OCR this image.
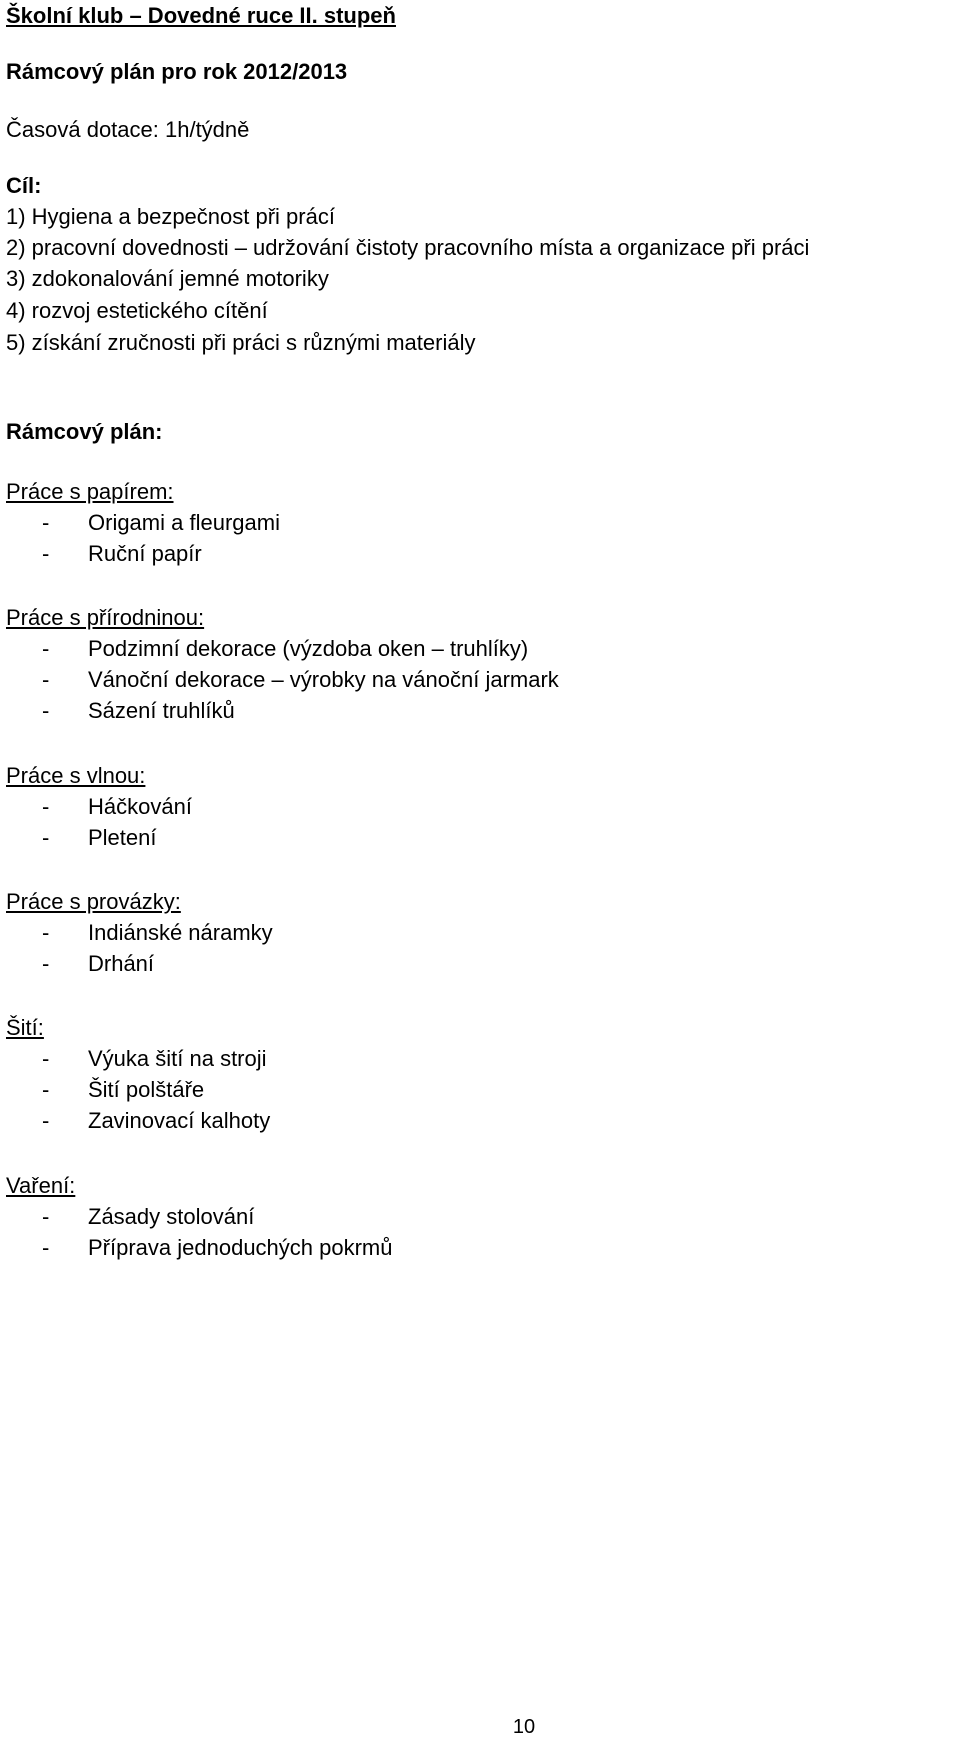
Školní klub – Dovedné ruce II. stupeň
Rámcový plán pro rok 2012/2013
Časová dotace: 1h/týdně
Cíl:
1) Hygiena a bezpečnost při prácí
2) pracovní dovednosti – udržování čistoty pracovního místa a organizace při práci
3) zdokonalování jemné motoriky
4) rozvoj estetického cítění
5) získání zručnosti při práci s různými materiály
Rámcový plán:
Práce s papírem:
- Origami a fleurgami
- Ruční papír
Práce s přírodninou:
- Podzimní dekorace (výzdoba oken – truhlíky)
- Vánoční dekorace – výrobky na vánoční jarmark
- Sázení truhlíků
Práce s vlnou:
- Háčkování
- Pletení
Práce s provázky:
- Indiánské náramky
- Drhání
Šití:
- Výuka šití na stroji
- Šití polštáře
- Zavinovací kalhoty
Vaření:
- Zásady stolování
- Příprava jednoduchých pokrmů
10
